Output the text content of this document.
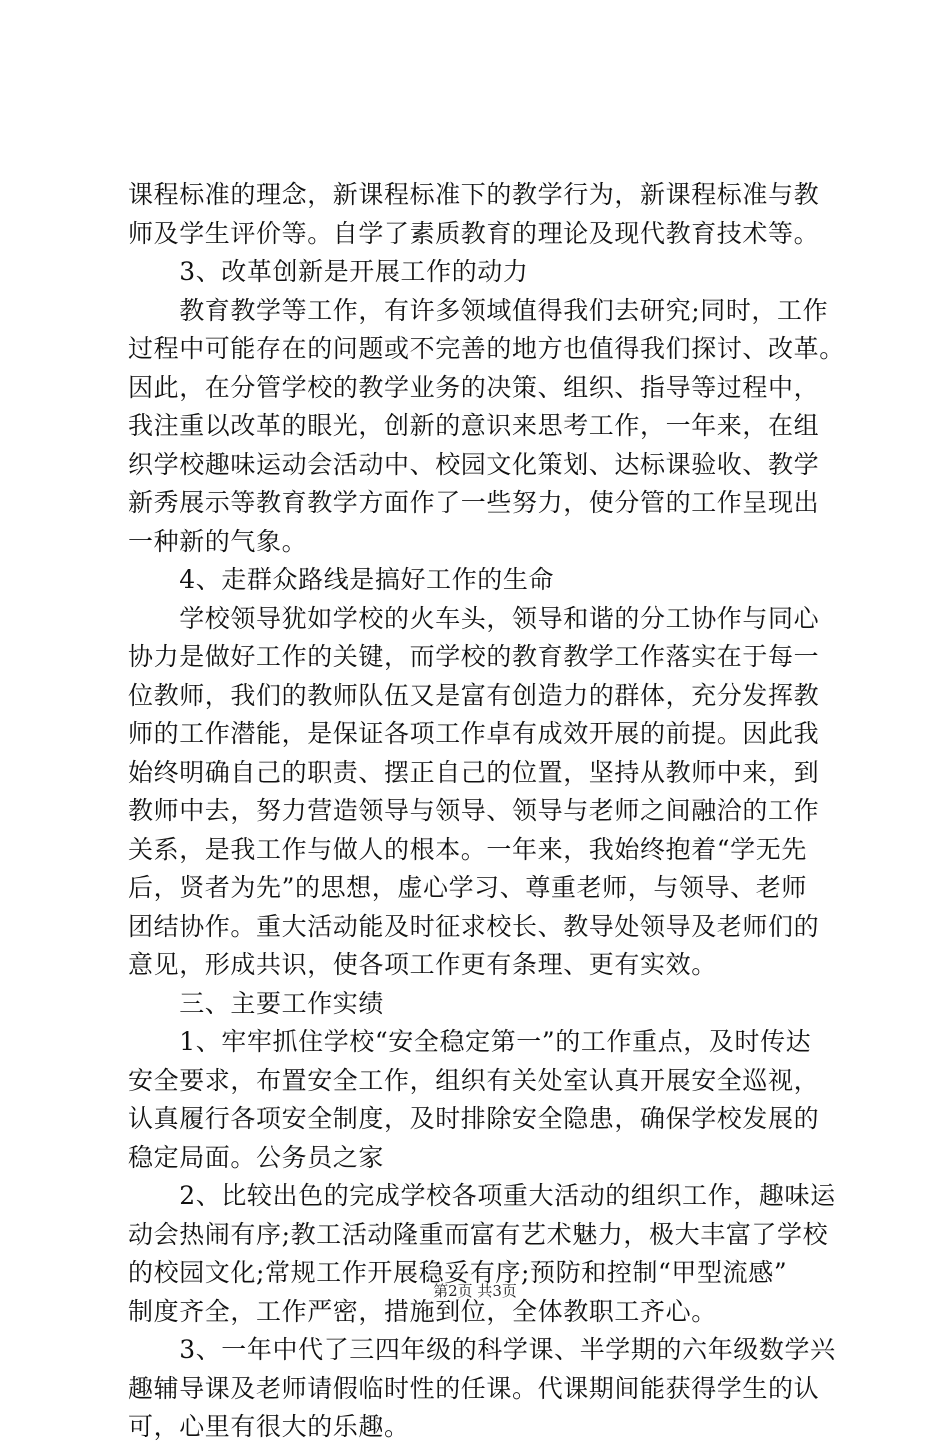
课程标准的理念，新课程标准下的教学行为，新课程标准与教
师及学生评价等。自学了素质教育的理论及现代教育技术等。
　　3、改革创新是开展工作的动力
　　教育教学等工作，有许多领域值得我们去研究;同时，工作
过程中可能存在的问题或不完善的地方也值得我们探讨、改革。
因此，在分管学校的教学业务的决策、组织、指导等过程中，
我注重以改革的眼光，创新的意识来思考工作，一年来，在组
织学校趣味运动会活动中、校园文化策划、达标课验收、教学
新秀展示等教育教学方面作了一些努力，使分管的工作呈现出
一种新的气象。
　　4、走群众路线是搞好工作的生命
　　学校领导犹如学校的火车头，领导和谐的分工协作与同心
协力是做好工作的关键，而学校的教育教学工作落实在于每一
位教师，我们的教师队伍又是富有创造力的群体，充分发挥教
师的工作潜能，是保证各项工作卓有成效开展的前提。因此我
始终明确自己的职责、摆正自己的位置，坚持从教师中来，到
教师中去，努力营造领导与领导、领导与老师之间融洽的工作
关系，是我工作与做人的根本。一年来，我始终抱着“学无先
后，贤者为先”的思想，虚心学习、尊重老师，与领导、老师
团结协作。重大活动能及时征求校长、教导处领导及老师们的
意见，形成共识，使各项工作更有条理、更有实效。
　　三、主要工作实绩
　　1、牢牢抓住学校“安全稳定第一”的工作重点，及时传达
安全要求，布置安全工作，组织有关处室认真开展安全巡视，
认真履行各项安全制度，及时排除安全隐患，确保学校发展的
稳定局面。公务员之家
　　2、比较出色的完成学校各项重大活动的组织工作，趣味运
动会热闹有序;教工活动隆重而富有艺术魅力，极大丰富了学校
的校园文化;常规工作开展稳妥有序;预防和控制“甲型流感”
制度齐全，工作严密，措施到位，全体教职工齐心。
　　3、一年中代了三四年级的科学课、半学期的六年级数学兴
趣辅导课及老师请假临时性的任课。代课期间能获得学生的认
可，心里有很大的乐趣。
第2页 共3页
